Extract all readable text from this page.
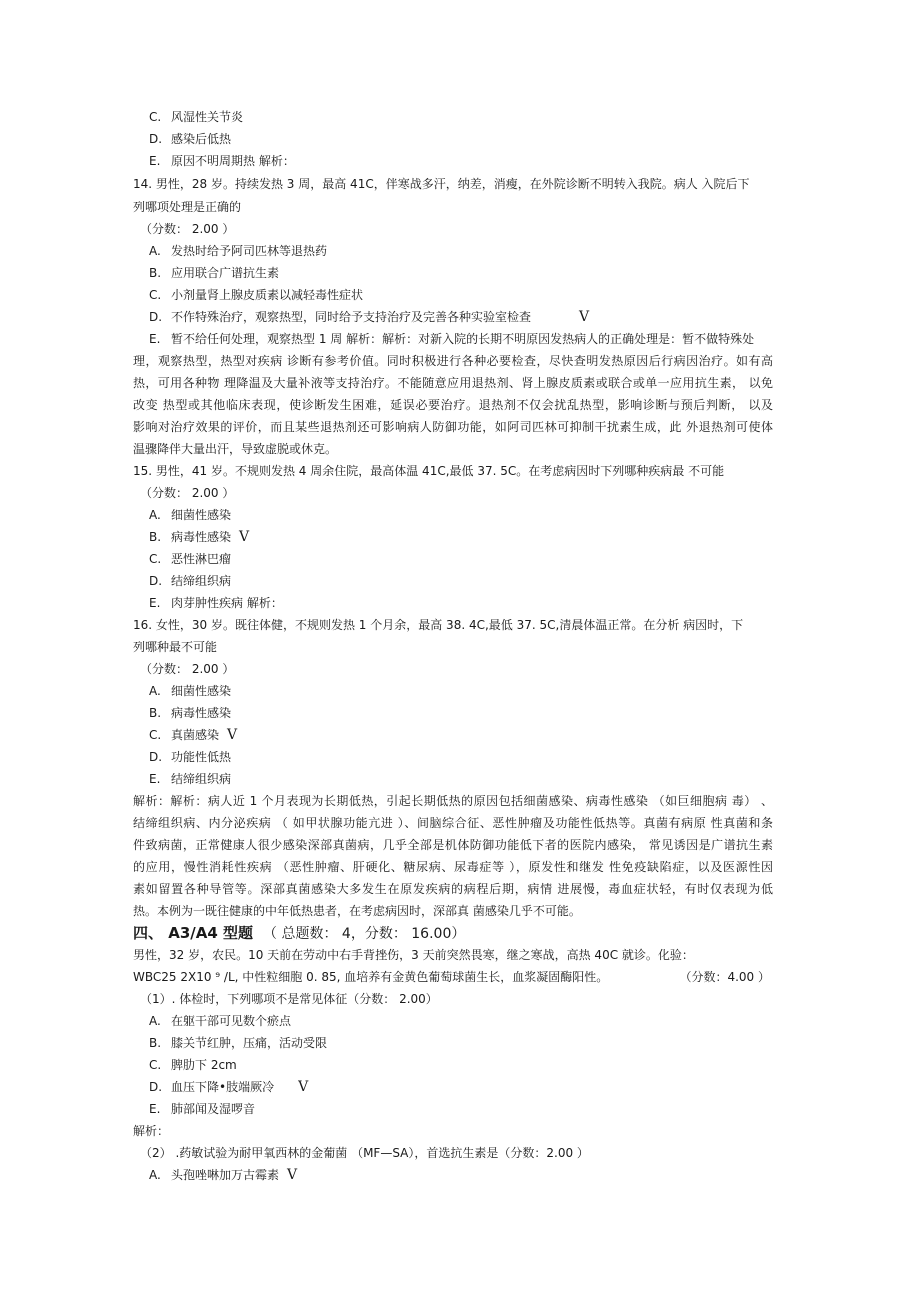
C. 风湿性关节炎
D. 感染后低热
E. 原因不明周期热 解析：
14. 男性，28 岁。持续发热 3 周，最高 41C，伴寒战多汗，纳差，消瘦，在外院诊断不明转入我院。病人 入院后下
列哪项处理是正确的
（分数： 2.00 ）
A. 发热时给予阿司匹林等退热药
B. 应用联合广谱抗生素
C. 小剂量肾上腺皮质素以减轻毒性症状
D. 不作特殊治疗，观察热型，同时给予支持治疗及完善各种实验室检查	V
E. 暂不给任何处理，观察热型 1 周 解析：解析：对新入院的长期不明原因发热病人的正确处理是：暂不做特殊处
理，观察热型，热型对疾病 诊断有参考价值。同时积极进行各种必要检查，尽快查明发热原因后行病因治疗。如有高
热，可用各种物 理降温及大量补液等支持治疗。不能随意应用退热剂、肾上腺皮质素或联合或单一应用抗生素， 以免
改变 热型或其他临床表现，使诊断发生困难，延误必要治疗。退热剂不仅会扰乱热型，影响诊断与预后判断， 以及
影响对治疗效果的评价，而且某些退热剂还可影响病人防御功能，如阿司匹林可抑制干扰素生成，此 外退热剂可使体
温骤降伴大量出汗，导致虚脱或休克。
15. 男性，41 岁。不规则发热 4 周余住院，最高体温 41C,最低 37. 5C。在考虑病因时下列哪种疾病最 不可能
（分数： 2.00 ）
A. 细菌性感染
B. 病毒性感染 V
C. 恶性淋巴瘤
D. 结缔组织病
E. 肉芽肿性疾病 解析：
16. 女性，30 岁。既往体健，不规则发热 1 个月余，最高 38. 4C,最低 37. 5C,清晨体温正常。在分析 病因时，下
列哪种最不可能
（分数： 2.00 ）
A. 细菌性感染
B. 病毒性感染
C. 真菌感染 V
D. 功能性低热
E. 结缔组织病
解析：解析：病人近 1 个月表现为长期低热，引起长期低热的原因包括细菌感染、病毒性感染 （如巨细胞病 毒） 、
结缔组织病、内分泌疾病 （ 如甲状腺功能亢进 ）、间脑综合征、恶性肿瘤及功能性低热等。真菌有病原 性真菌和条
件致病菌，正常健康人很少感染深部真菌病，几乎全部是机体防御功能低下者的医院内感染， 常见诱因是广谱抗生素
的应用，慢性消耗性疾病 （恶性肿瘤、肝硬化、糖尿病、尿毒症等 ），原发性和继发 性免疫缺陷症，以及医源性因
素如留置各种导管等。深部真菌感染大多发生在原发疾病的病程后期，病情 进展慢，毒血症状轻，有时仅表现为低
热。本例为一既往健康的中年低热患者，在考虑病因时，深部真 菌感染几乎不可能。
四、 A3/A4 型题 （ 总题数： 4，分数： 16.00）
男性，32 岁，农民。10 天前在劳动中右手背挫伤，3 天前突然畏寒，继之寒战，高热 40C 就诊。化验：
WBC25 2X10 ⁹ /L, 中性粒细胞 0. 85, 血培养有金黄色葡萄球菌生长，血浆凝固酶阳性。	（分数：4.00 ）
（1）. 体检时，下列哪项不是常见体征（分数： 2.00）
A. 在躯干部可见数个瘀点
B. 膝关节红肿，压痛，活动受限
C. 脾肋下 2cm
D. 血压下降•肢端厥冷 V
E. 肺部闻及湿啰音
解析：
（2） .药敏试验为耐甲氧西林的金葡菌 （MF—SA），首选抗生素是（分数：2.00 ）
A. 头孢唑啉加万古霉素 V
